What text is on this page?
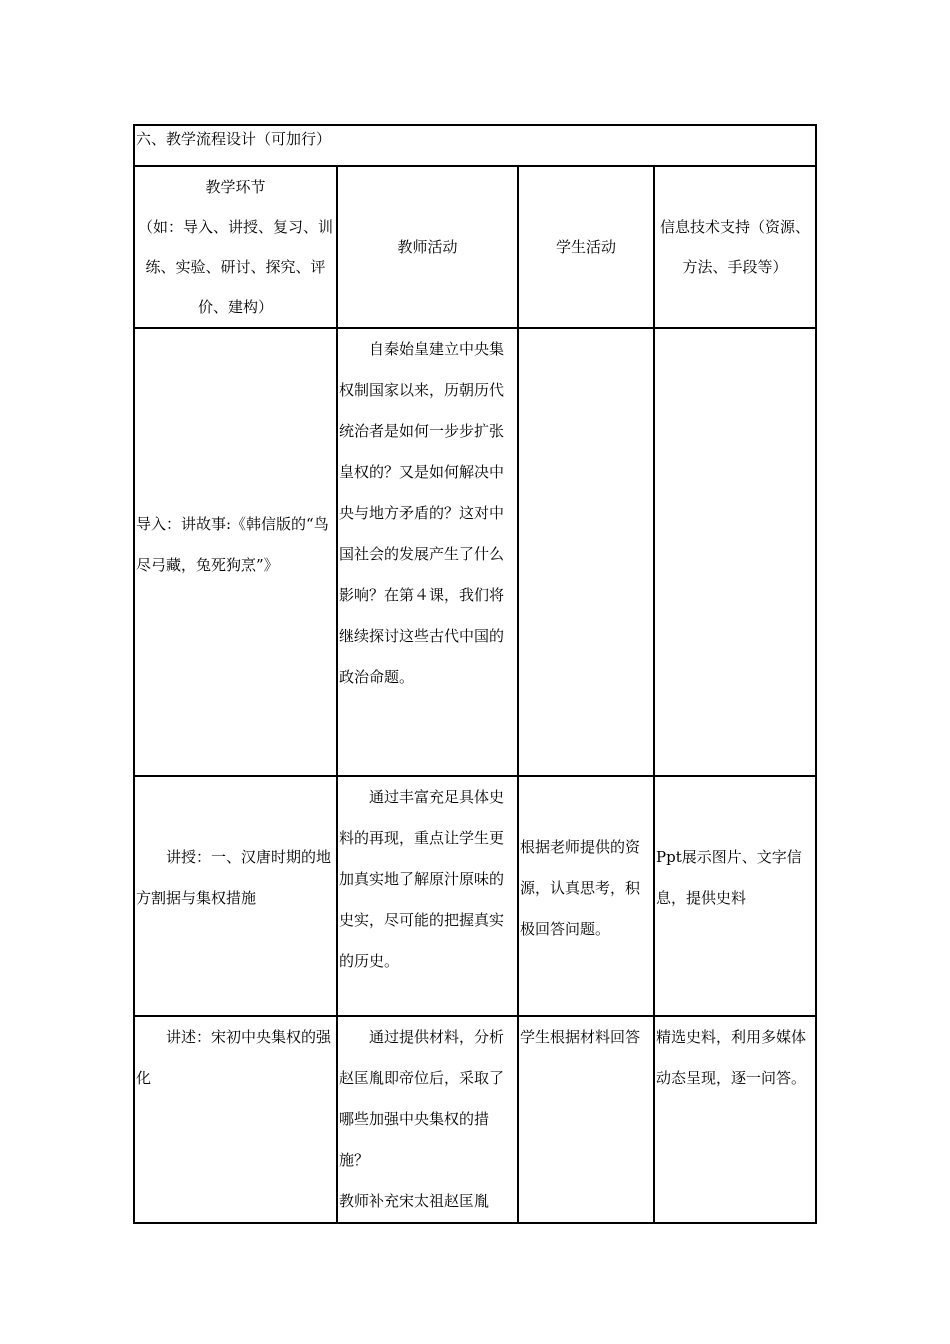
六、教学流程设计（可加行）			

教学环节
（如：导入、讲授、复习、训练、实验、研讨、探究、评价、建构）	教师活动	学生活动	信息技术支持（资源、方法、手段等）

导入：讲故事:《韩信版的“鸟尽弓藏，兔死狗烹”》	自秦始皇建立中央集权制国家以来，历朝历代统治者是如何一步步扩张皇权的？又是如何解决中央与地方矛盾的？这对中国社会的发展产生了什么影响？在第４课，我们将继续探讨这些古代中国的政治命题。		

讲授：一、汉唐时期的地方割据与集权措施	通过丰富充足具体史料的再现，重点让学生更加真实地了解原汁原味的史实，尽可能的把握真实的历史。	根据老师提供的资源，认真思考，积极回答问题。	Ppt展示图片、文字信息，提供史料

讲述：宋初中央集权的强化	通过提供材料，分析赵匡胤即帝位后，采取了哪些加强中央集权的措施？
教师补充宋太祖赵匡胤	学生根据材料回答	精选史料，利用多媒体动态呈现，逐一问答。
